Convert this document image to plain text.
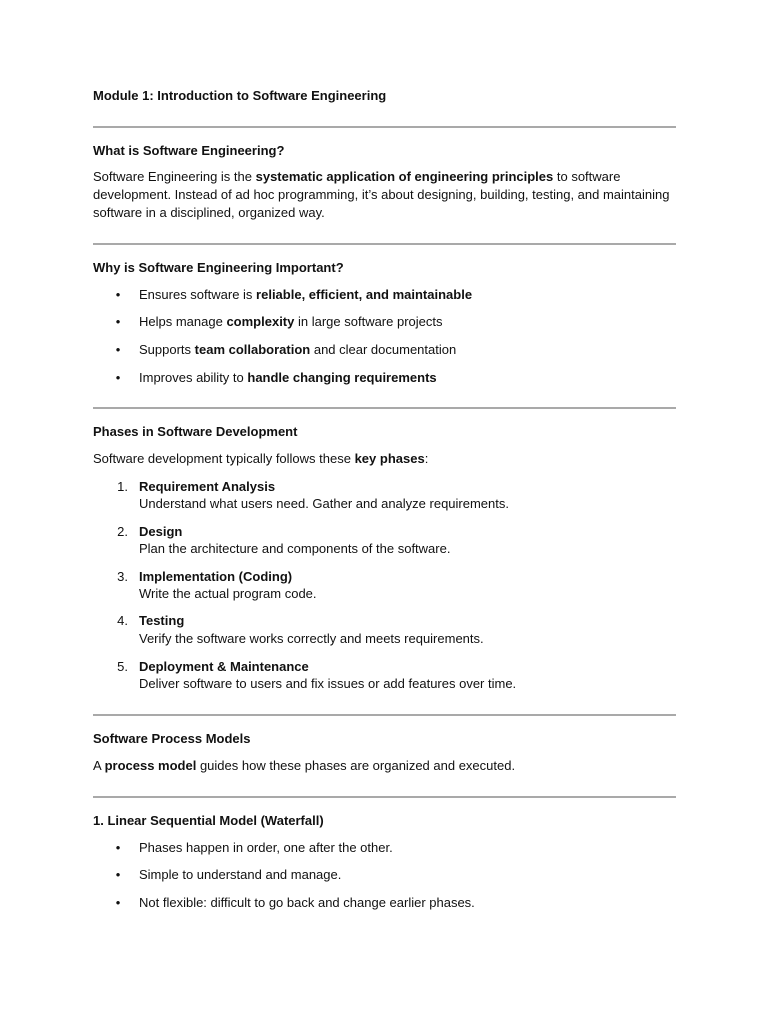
Module 1: Introduction to Software Engineering

What is Software Engineering?

Software Engineering is the systematic application of engineering principles to software development. Instead of ad hoc programming, it’s about designing, building, testing, and maintaining software in a disciplined, organized way.

Why is Software Engineering Important?

• Ensures software is reliable, efficient, and maintainable

• Helps manage complexity in large software projects

• Supports team collaboration and clear documentation

• Improves ability to handle changing requirements

Phases in Software Development

Software development typically follows these key phases:

1. Requirement Analysis

Understand what users need. Gather and analyze requirements.

2. Design

Plan the architecture and components of the software.

3. Implementation (Coding)

Write the actual program code.

4. Testing

Verify the software works correctly and meets requirements.

5. Deployment & Maintenance

Deliver software to users and fix issues or add features over time.

Software Process Models

A process model guides how these phases are organized and executed.

1. Linear Sequential Model (Waterfall)

• Phases happen in order, one after the other.

• Simple to understand and manage.

• Not flexible: difficult to go back and change earlier phases.
